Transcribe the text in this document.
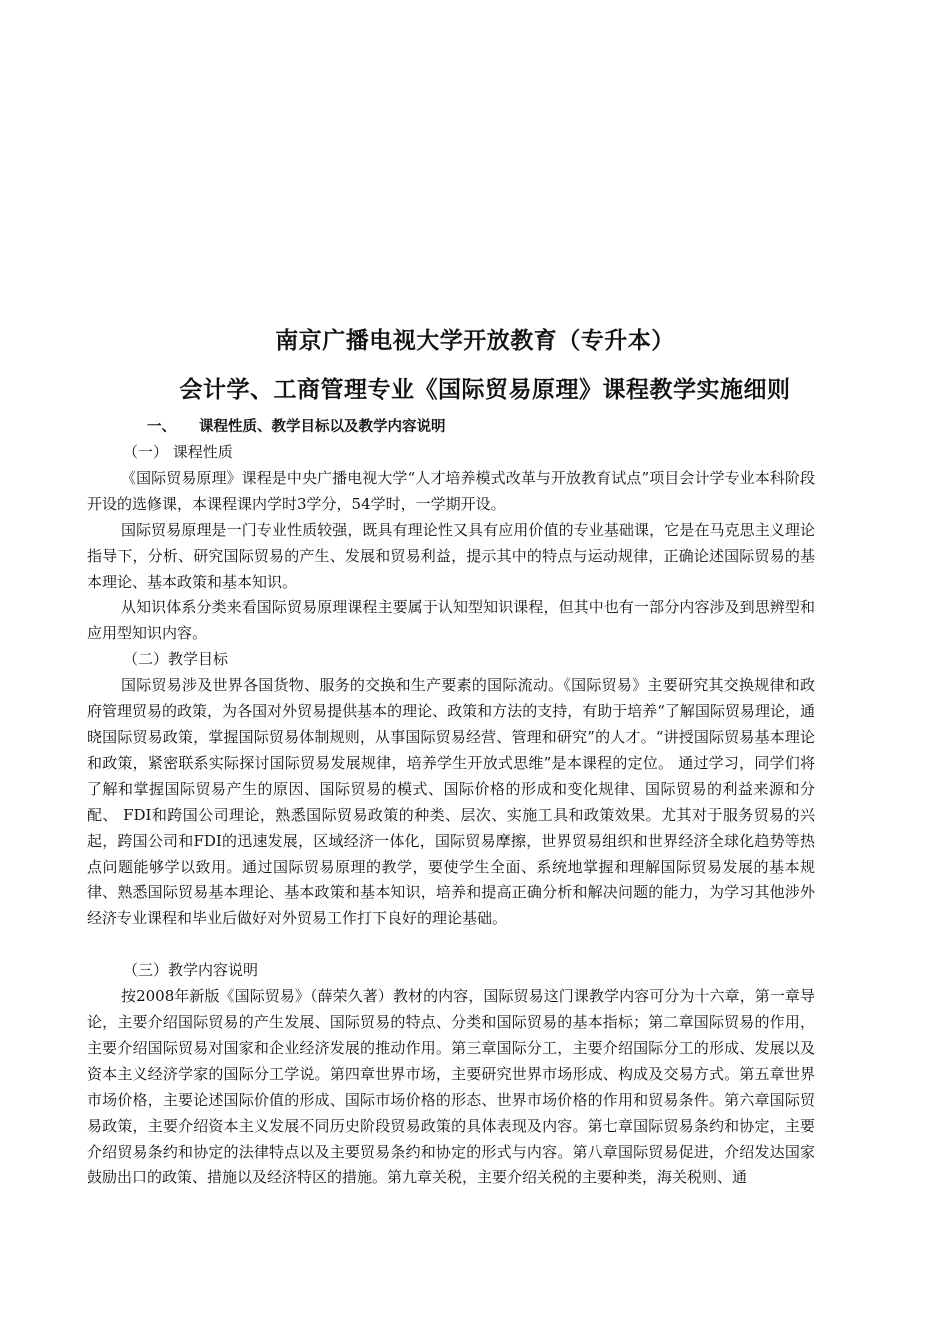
南京广播电视大学开放教育（专升本）
会计学、工商管理专业《国际贸易原理》课程教学实施细则
一、 课程性质、教学目标以及教学内容说明

（一） 课程性质

《国际贸易原理》课程是中央广播电视大学“人才培养模式改革与开放教育试点”项目会计学专业本科阶段开设的选修课，本课程课内学时3学分，54学时，一学期开设。

国际贸易原理是一门专业性质较强，既具有理论性又具有应用价值的专业基础课，它是在马克思主义理论指导下，分析、研究国际贸易的产生、发展和贸易利益，提示其中的特点与运动规律，正确论述国际贸易的基本理论、基本政策和基本知识。

从知识体系分类来看国际贸易原理课程主要属于认知型知识课程，但其中也有一部分内容涉及到思辨型和应用型知识内容。

（二）教学目标

国际贸易涉及世界各国货物、服务的交换和生产要素的国际流动。《国际贸易》主要研究其交换规律和政府管理贸易的政策，为各国对外贸易提供基本的理论、政策和方法的支持，有助于培养“了解国际贸易理论，通晓国际贸易政策，掌握国际贸易体制规则，从事国际贸易经营、管理和研究”的人才。“讲授国际贸易基本理论和政策，紧密联系实际探讨国际贸易发展规律，培养学生开放式思维”是本课程的定位。 通过学习，同学们将了解和掌握国际贸易产生的原因、国际贸易的模式、国际价格的形成和变化规律、国际贸易的利益来源和分配、 FDI和跨国公司理论，熟悉国际贸易政策的种类、层次、实施工具和政策效果。尤其对于服务贸易的兴起，跨国公司和FDI的迅速发展，区域经济一体化，国际贸易摩擦，世界贸易组织和世界经济全球化趋势等热点问题能够学以致用。通过国际贸易原理的教学，要使学生全面、系统地掌握和理解国际贸易发展的基本规律、熟悉国际贸易基本理论、基本政策和基本知识，培养和提高正确分析和解决问题的能力，为学习其他涉外经济专业课程和毕业后做好对外贸易工作打下良好的理论基础。

（三）教学内容说明

按2008年新版《国际贸易》（薛荣久著）教材的内容，国际贸易这门课教学内容可分为十六章，第一章导论，主要介绍国际贸易的产生发展、国际贸易的特点、分类和国际贸易的基本指标；第二章国际贸易的作用，主要介绍国际贸易对国家和企业经济发展的推动作用。第三章国际分工，主要介绍国际分工的形成、发展以及资本主义经济学家的国际分工学说。第四章世界市场，主要研究世界市场形成、构成及交易方式。第五章世界市场价格，主要论述国际价值的形成、国际市场价格的形态、世界市场价格的作用和贸易条件。第六章国际贸易政策，主要介绍资本主义发展不同历史阶段贸易政策的具体表现及内容。第七章国际贸易条约和协定，主要介绍贸易条约和协定的法律特点以及主要贸易条约和协定的形式与内容。第八章国际贸易促进，介绍发达国家鼓励出口的政策、措施以及经济特区的措施。第九章关税，主要介绍关税的主要种类，海关税则、通
